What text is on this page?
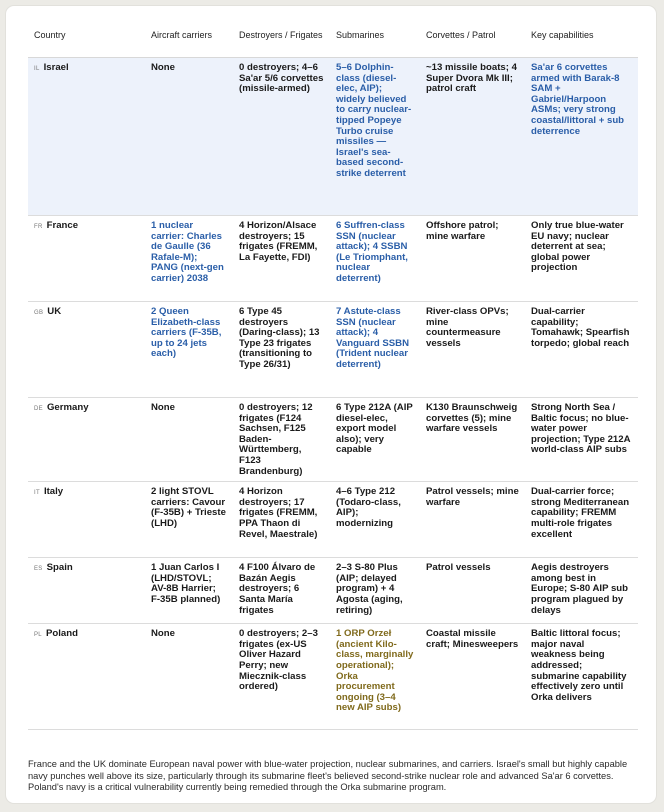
Country	Aircraft carriers	Destroyers / Frigates	Submarines	Corvettes / Patrol	Key capabilities
IL Israel	None	0 destroyers; 4–6 Sa'ar 5/6 corvettes (missile-armed)	5–6 Dolphin-class (diesel-elec, AIP); widely believed to carry nuclear-tipped Popeye Turbo cruise missiles — Israel's sea-based second-strike deterrent	~13 missile boats; 4 Super Dvora Mk III; patrol craft	Sa'ar 6 corvettes armed with Barak-8 SAM + Gabriel/Harpoon ASMs; very strong coastal/littoral + sub deterrence
FR France	1 nuclear carrier: Charles de Gaulle (36 Rafale-M); PANG (next-gen carrier) 2038	4 Horizon/Alsace destroyers; 15 frigates (FREMM, La Fayette, FDI)	6 Suffren-class SSN (nuclear attack); 4 SSBN (Le Triomphant, nuclear deterrent)	Offshore patrol; mine warfare	Only true blue-water EU navy; nuclear deterrent at sea; global power projection
GB UK	2 Queen Elizabeth-class carriers (F-35B, up to 24 jets each)	6 Type 45 destroyers (Daring-class); 13 Type 23 frigates (transitioning to Type 26/31)	7 Astute-class SSN (nuclear attack); 4 Vanguard SSBN (Trident nuclear deterrent)	River-class OPVs; mine countermeasure vessels	Dual-carrier capability; Tomahawk; Spearfish torpedo; global reach
DE Germany	None	0 destroyers; 12 frigates (F124 Sachsen, F125 Baden-Württemberg, F123 Brandenburg)	6 Type 212A (AIP diesel-elec, export model also); very capable	K130 Braunschweig corvettes (5); mine warfare vessels	Strong North Sea / Baltic focus; no blue-water power projection; Type 212A world-class AIP subs
IT Italy	2 light STOVL carriers: Cavour (F-35B) + Trieste (LHD)	4 Horizon destroyers; 17 frigates (FREMM, PPA Thaon di Revel, Maestrale)	4–6 Type 212 (Todaro-class, AIP); modernizing	Patrol vessels; mine warfare	Dual-carrier force; strong Mediterranean capability; FREMM multi-role frigates excellent
ES Spain	1 Juan Carlos I (LHD/STOVL; AV-8B Harrier; F-35B planned)	4 F100 Álvaro de Bazán Aegis destroyers; 6 Santa María frigates	2–3 S-80 Plus (AIP; delayed program) + 4 Agosta (aging, retiring)	Patrol vessels	Aegis destroyers among best in Europe; S-80 AIP sub program plagued by delays
PL Poland	None	0 destroyers; 2–3 frigates (ex-US Oliver Hazard Perry; new Miecznik-class ordered)	1 ORP Orzeł (ancient Kilo-class, marginally operational); Orka procurement ongoing (3–4 new AIP subs)	Coastal missile craft; Minesweepers	Baltic littoral focus; major naval weakness being addressed; submarine capability effectively zero until Orka delivers

France and the UK dominate European naval power with blue-water projection, nuclear submarines, and carriers. Israel's small but highly capable navy punches well above its size, particularly through its submarine fleet's believed second-strike nuclear role and advanced Sa'ar 6 corvettes. Poland's navy is a critical vulnerability currently being remedied through the Orka submarine program.
